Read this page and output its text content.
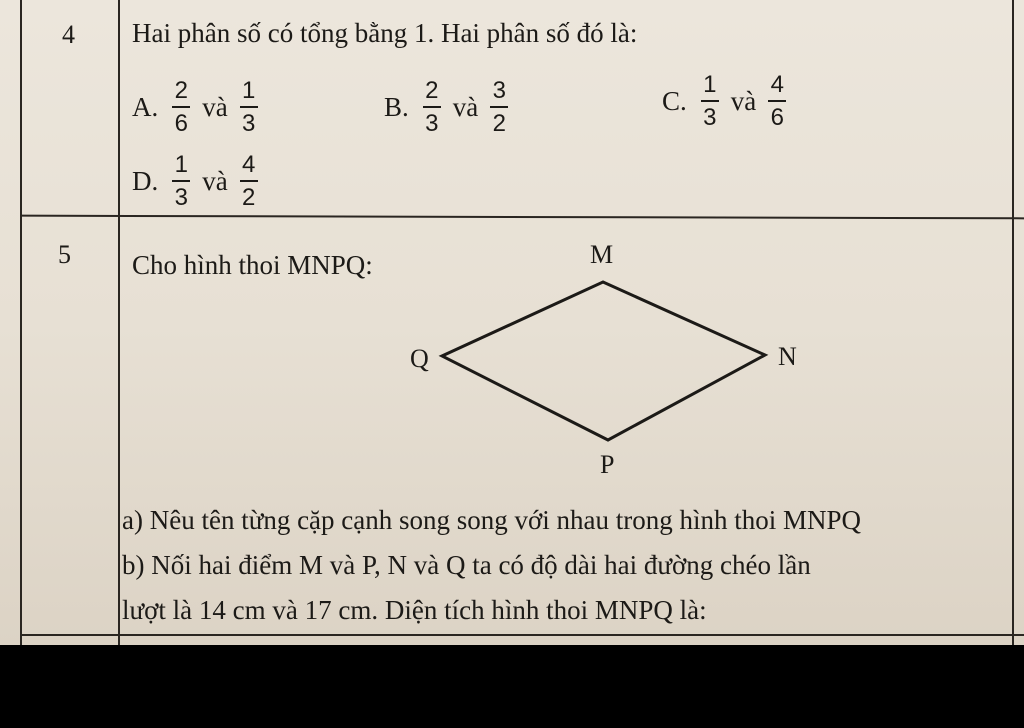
4 Hai phân số có tổng bằng 1. Hai phân số đó là:
A. $\frac{2}{6}$ và $\frac{1}{3}$	B. $\frac{2}{3}$ và $\frac{3}{2}$	C. $\frac{1}{3}$ và $\frac{4}{6}$
D. $\frac{1}{3}$ và $\frac{4}{2}$
5 Cho hình thoi MNPQ:	M
N
P
Q
a) Nêu tên từng cặp cạnh song song với nhau trong hình thoi MNPQ
b) Nối hai điểm M và P, N và Q ta có độ dài hai đường chéo lần
lượt là 14 cm và 17 cm. Diện tích hình thoi MNPQ là:
